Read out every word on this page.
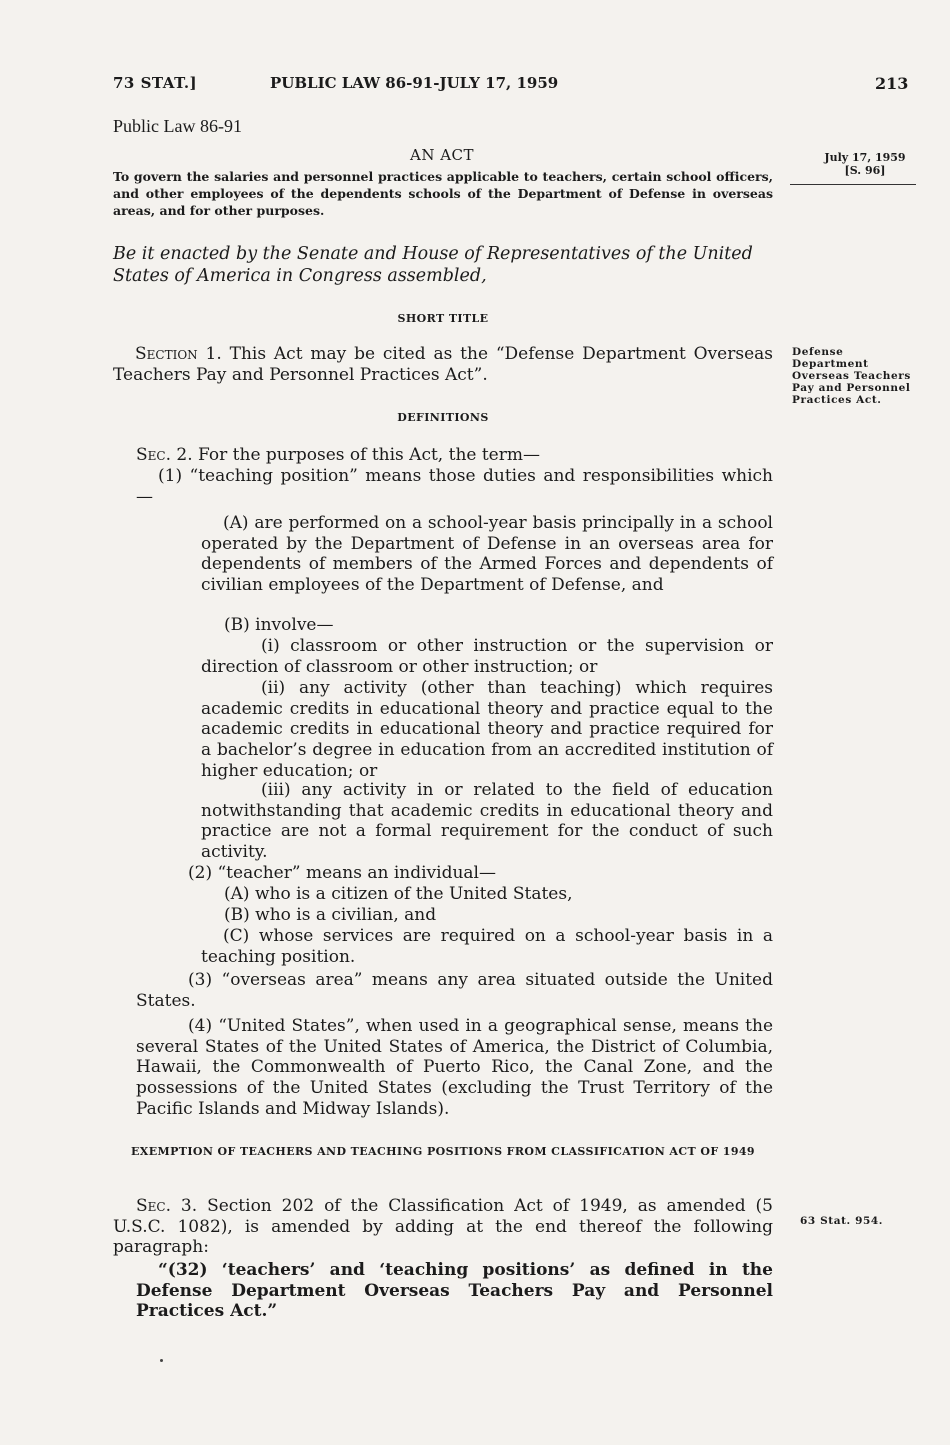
73 STAT.]	PUBLIC LAW 86-91-JULY 17, 1959	213
Public Law 86-91
AN ACT
To govern the salaries and personnel practices applicable to teachers, certain school officers, and other employees of the dependents schools of the Department of Defense in overseas areas, and for other purposes.
July 17, 1959
[S. 96]
Be it enacted by the Senate and House of Representatives of the United States of America in Congress assembled,
SHORT TITLE
Section 1. This Act may be cited as the “Defense Department Overseas Teachers Pay and Personnel Practices Act”.
Defense Department Overseas Teachers Pay and Personnel Practices Act.
DEFINITIONS
Sec. 2. For the purposes of this Act, the term—
(1) “teaching position” means those duties and responsibilities which—
(A) are performed on a school-year basis principally in a school operated by the Department of Defense in an overseas area for dependents of members of the Armed Forces and dependents of civilian employees of the Department of Defense, and
(B) involve—
(i) classroom or other instruction or the supervision or direction of classroom or other instruction; or
(ii) any activity (other than teaching) which requires academic credits in educational theory and practice equal to the academic credits in educational theory and practice required for a bachelor’s degree in education from an accredited institution of higher education; or
(iii) any activity in or related to the field of education notwithstanding that academic credits in educational theory and practice are not a formal requirement for the conduct of such activity.
(2) “teacher” means an individual—
(A) who is a citizen of the United States,
(B) who is a civilian, and
(C) whose services are required on a school-year basis in a teaching position.
(3) “overseas area” means any area situated outside the United States.
(4) “United States”, when used in a geographical sense, means the several States of the United States of America, the District of Columbia, Hawaii, the Commonwealth of Puerto Rico, the Canal Zone, and the possessions of the United States (excluding the Trust Territory of the Pacific Islands and Midway Islands).
EXEMPTION OF TEACHERS AND TEACHING POSITIONS FROM CLASSIFICATION ACT OF 1949
Sec. 3. Section 202 of the Classification Act of 1949, as amended (5 U.S.C. 1082), is amended by adding at the end thereof the following paragraph:
“(32) ‘teachers’ and ‘teaching positions’ as defined in the Defense Department Overseas Teachers Pay and Personnel Practices Act.”
63 Stat. 954.
